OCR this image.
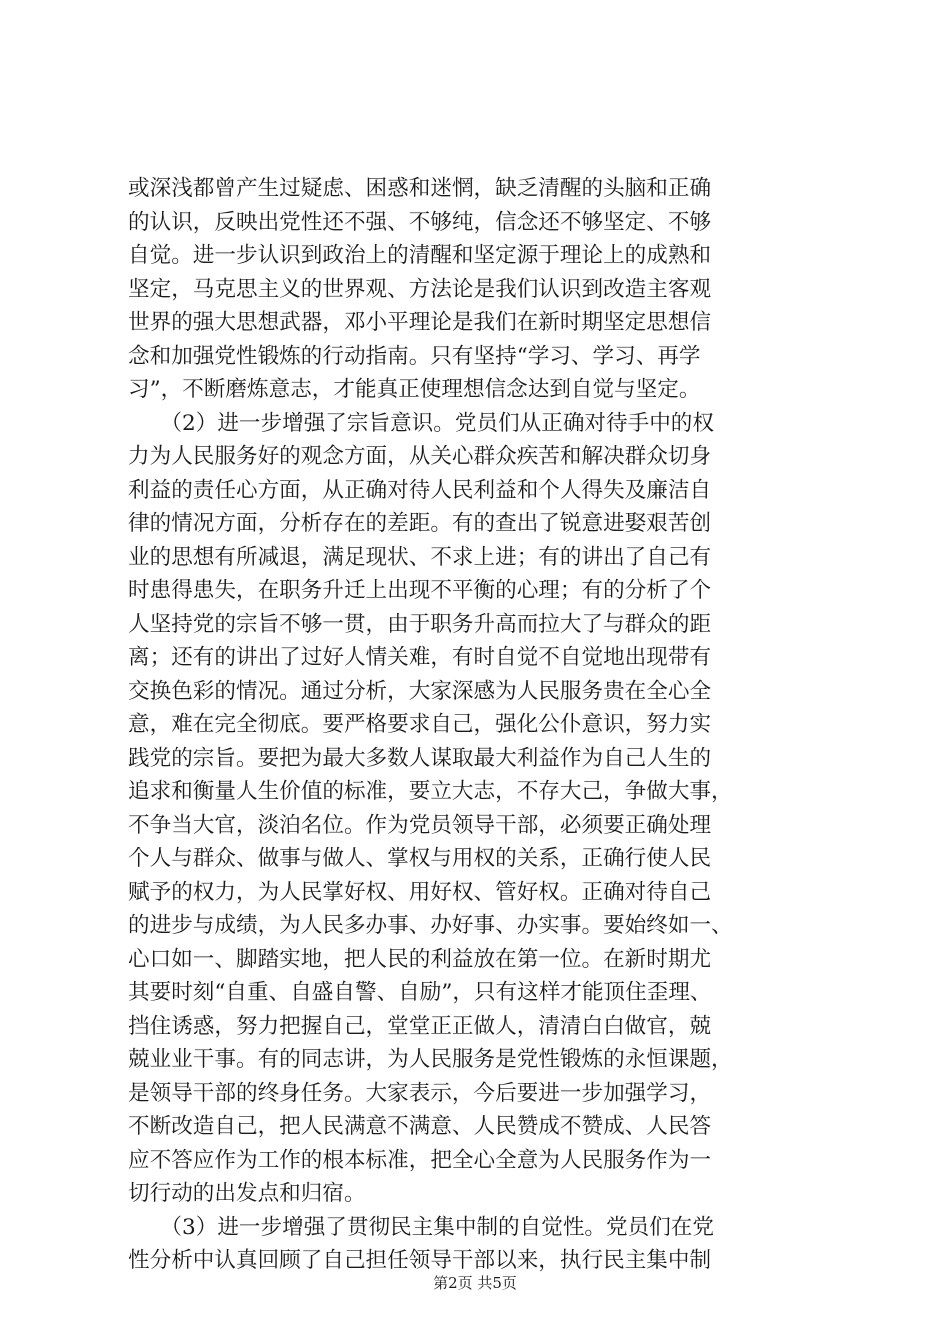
或深浅都曾产生过疑虑、困惑和迷惘，缺乏清醒的头脑和正确
的认识，反映出党性还不强、不够纯，信念还不够坚定、不够
自觉。进一步认识到政治上的清醒和坚定源于理论上的成熟和
坚定，马克思主义的世界观、方法论是我们认识到改造主客观
世界的强大思想武器，邓小平理论是我们在新时期坚定思想信
念和加强党性锻炼的行动指南。只有坚持“学习、学习、再学
习”，不断磨炼意志，才能真正使理想信念达到自觉与坚定。
　　（2）进一步增强了宗旨意识。党员们从正确对待手中的权
力为人民服务好的观念方面，从关心群众疾苦和解决群众切身
利益的责任心方面，从正确对待人民利益和个人得失及廉洁自
律的情况方面，分析存在的差距。有的查出了锐意进娶艰苦创
业的思想有所减退，满足现状、不求上进；有的讲出了自己有
时患得患失，在职务升迁上出现不平衡的心理；有的分析了个
人坚持党的宗旨不够一贯，由于职务升高而拉大了与群众的距
离；还有的讲出了过好人情关难，有时自觉不自觉地出现带有
交换色彩的情况。通过分析，大家深感为人民服务贵在全心全
意，难在完全彻底。要严格要求自己，强化公仆意识，努力实
践党的宗旨。要把为最大多数人谋取最大利益作为自己人生的
追求和衡量人生价值的标准，要立大志，不存大己，争做大事，
不争当大官，淡泊名位。作为党员领导干部，必须要正确处理
个人与群众、做事与做人、掌权与用权的关系，正确行使人民
赋予的权力，为人民掌好权、用好权、管好权。正确对待自己
的进步与成绩，为人民多办事、办好事、办实事。要始终如一、
心口如一、脚踏实地，把人民的利益放在第一位。在新时期尤
其要时刻“自重、自盛自警、自励”，只有这样才能顶住歪理、
挡住诱惑，努力把握自己，堂堂正正做人，清清白白做官，兢
兢业业干事。有的同志讲，为人民服务是党性锻炼的永恒课题，
是领导干部的终身任务。大家表示，今后要进一步加强学习，
不断改造自己，把人民满意不满意、人民赞成不赞成、人民答
应不答应作为工作的根本标准，把全心全意为人民服务作为一
切行动的出发点和归宿。
　　（3）进一步增强了贯彻民主集中制的自觉性。党员们在党
性分析中认真回顾了自己担任领导干部以来，执行民主集中制
第2页 共5页
